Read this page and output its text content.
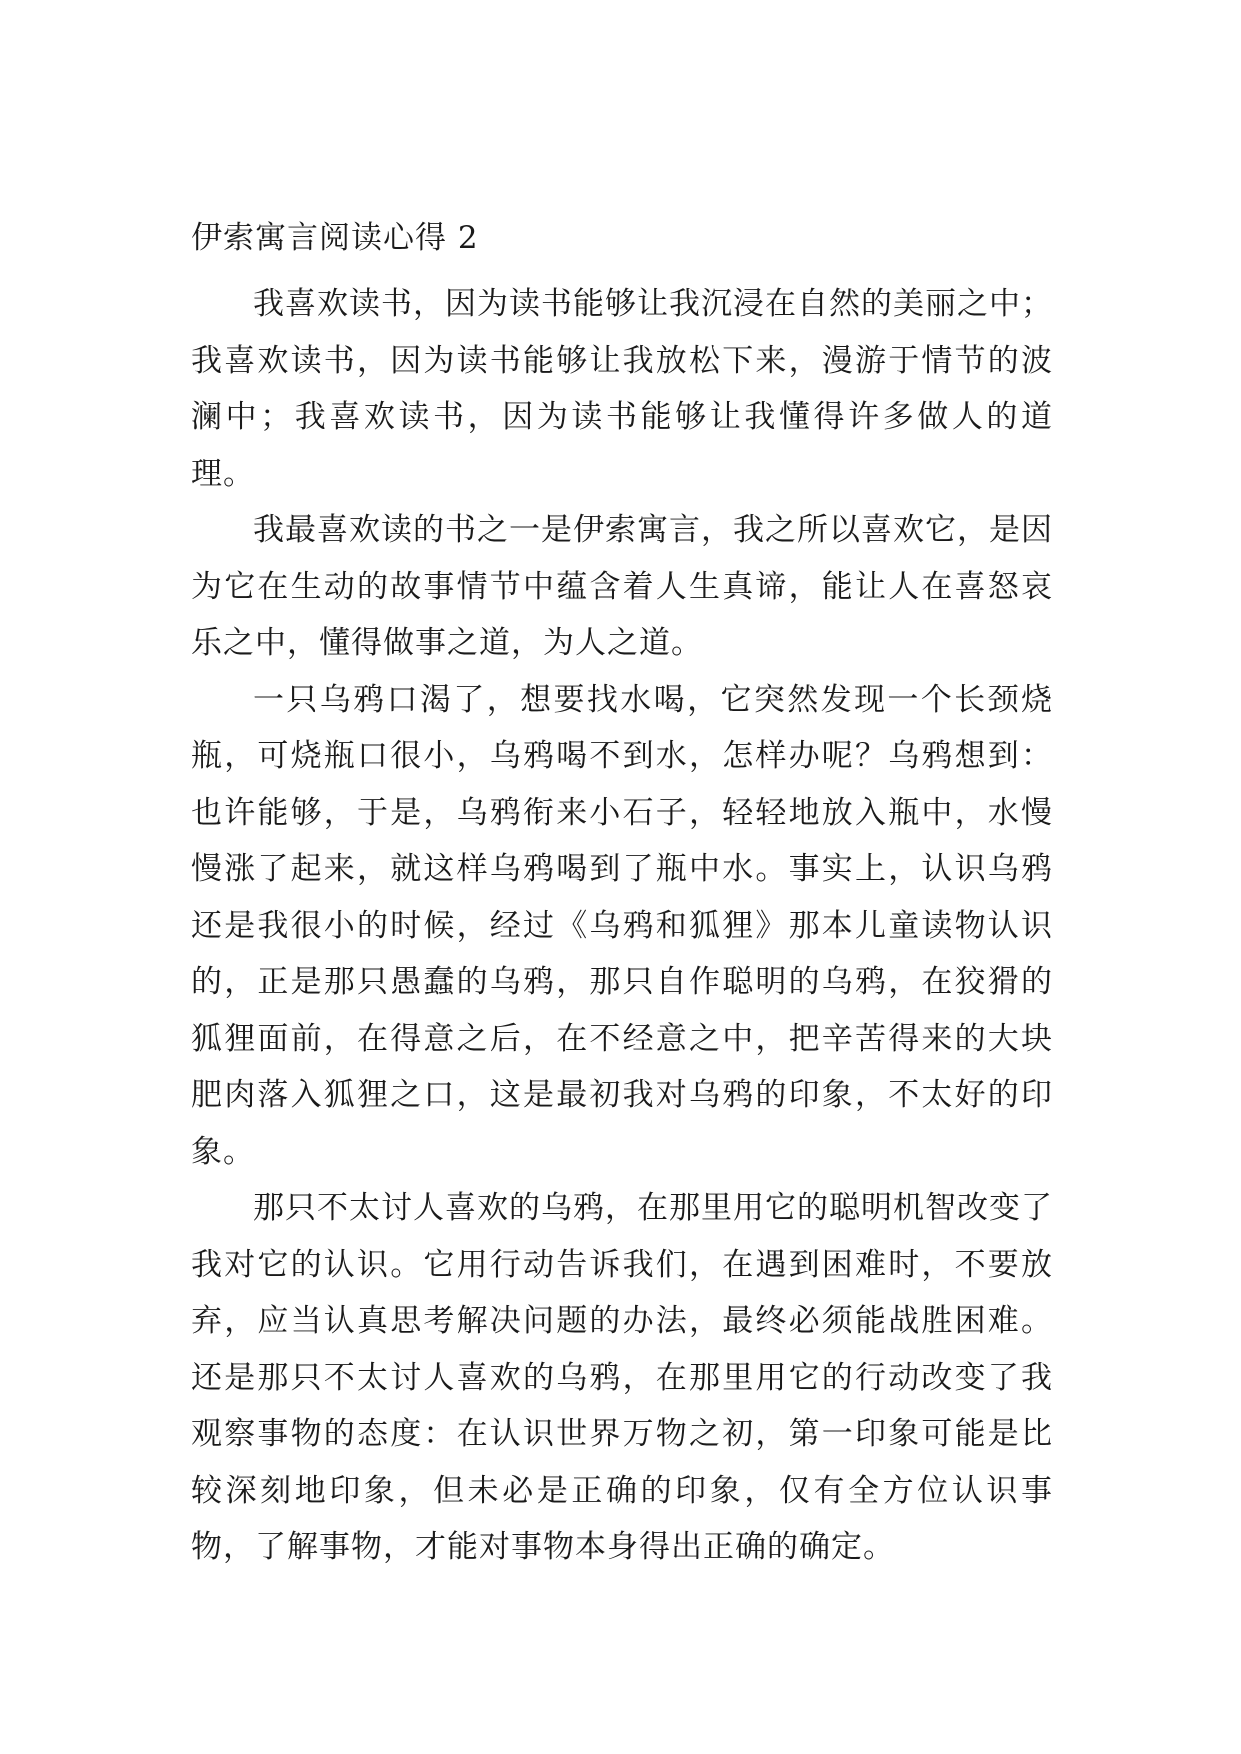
伊索寓言阅读心得 2

我喜欢读书，因为读书能够让我沉浸在自然的美丽之中；我喜欢读书，因为读书能够让我放松下来，漫游于情节的波澜中；我喜欢读书，因为读书能够让我懂得许多做人的道理。

我最喜欢读的书之一是伊索寓言，我之所以喜欢它，是因为它在生动的故事情节中蕴含着人生真谛，能让人在喜怒哀乐之中，懂得做事之道，为人之道。

一只乌鸦口渴了，想要找水喝，它突然发现一个长颈烧瓶，可烧瓶口很小，乌鸦喝不到水，怎样办呢？乌鸦想到：也许能够，于是，乌鸦衔来小石子，轻轻地放入瓶中，水慢慢涨了起来，就这样乌鸦喝到了瓶中水。事实上，认识乌鸦还是我很小的时候，经过《乌鸦和狐狸》那本儿童读物认识的，正是那只愚蠢的乌鸦，那只自作聪明的乌鸦，在狡猾的狐狸面前，在得意之后，在不经意之中，把辛苦得来的大块肥肉落入狐狸之口，这是最初我对乌鸦的印象，不太好的印象。

那只不太讨人喜欢的乌鸦，在那里用它的聪明机智改变了我对它的认识。它用行动告诉我们，在遇到困难时，不要放弃，应当认真思考解决问题的办法，最终必须能战胜困难。还是那只不太讨人喜欢的乌鸦，在那里用它的行动改变了我观察事物的态度：在认识世界万物之初，第一印象可能是比较深刻地印象，但未必是正确的印象，仅有全方位认识事物，了解事物，才能对事物本身得出正确的确定。
